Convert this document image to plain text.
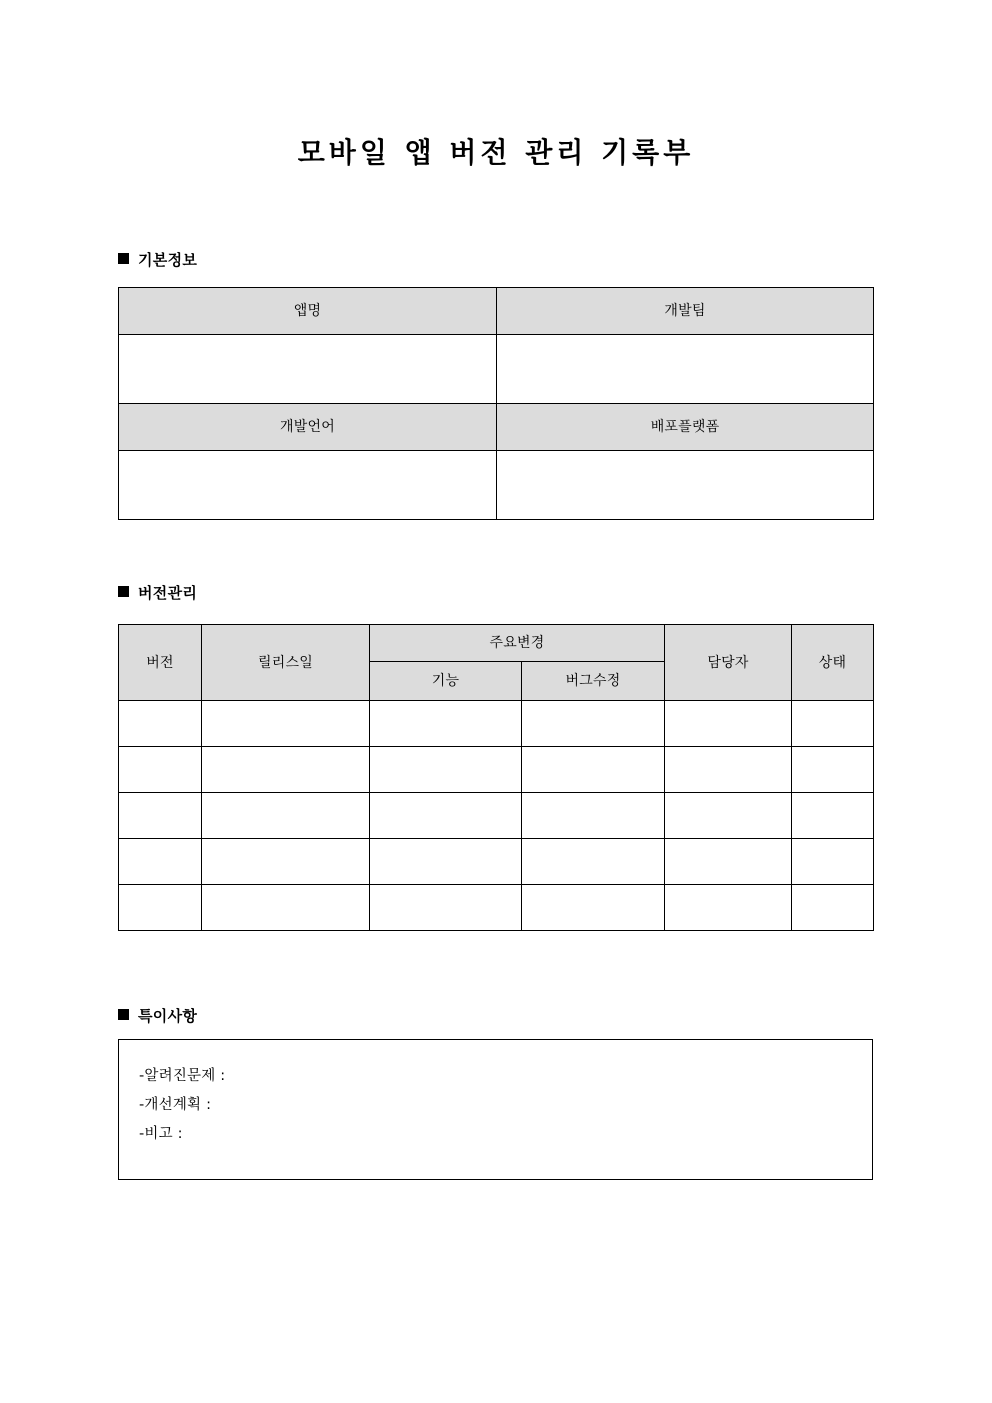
모바일 앱 버전 관리 기록부
기본정보
앱명	개발팀

개발언어	배포플랫폼

버전관리
버전	릴리스일	주요변경		담당자	상태
		기능	버그수정		

특이사항
-알려진문제 :
-개선계획 :
-비고 :
